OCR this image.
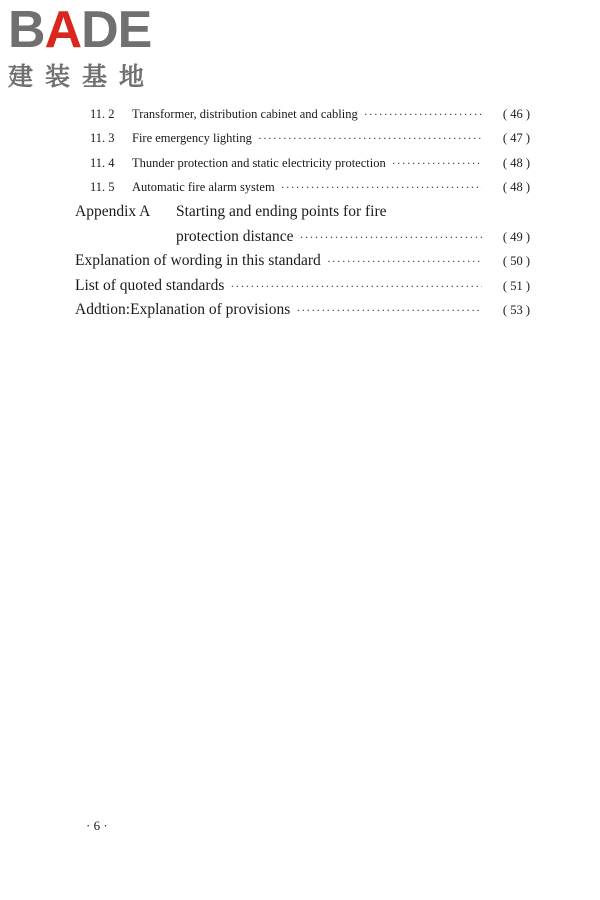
BADE
建装基地
11. 2	Transformer, distribution cabinet and cabling ·····	( 46 )
11. 3	Fire emergency lighting ·····	( 47 )
11. 4	Thunder protection and static electricity protection ·····	( 48 )
11. 5	Automatic fire alarm system ·····	( 48 )
Appendix A	Starting and ending points for fire
protection distance ·····	( 49 )
Explanation of wording in this standard ·····	( 50 )
List of quoted standards ·····	( 51 )
Addtion:Explanation of provisions ·····	( 53 )
· 6 ·
